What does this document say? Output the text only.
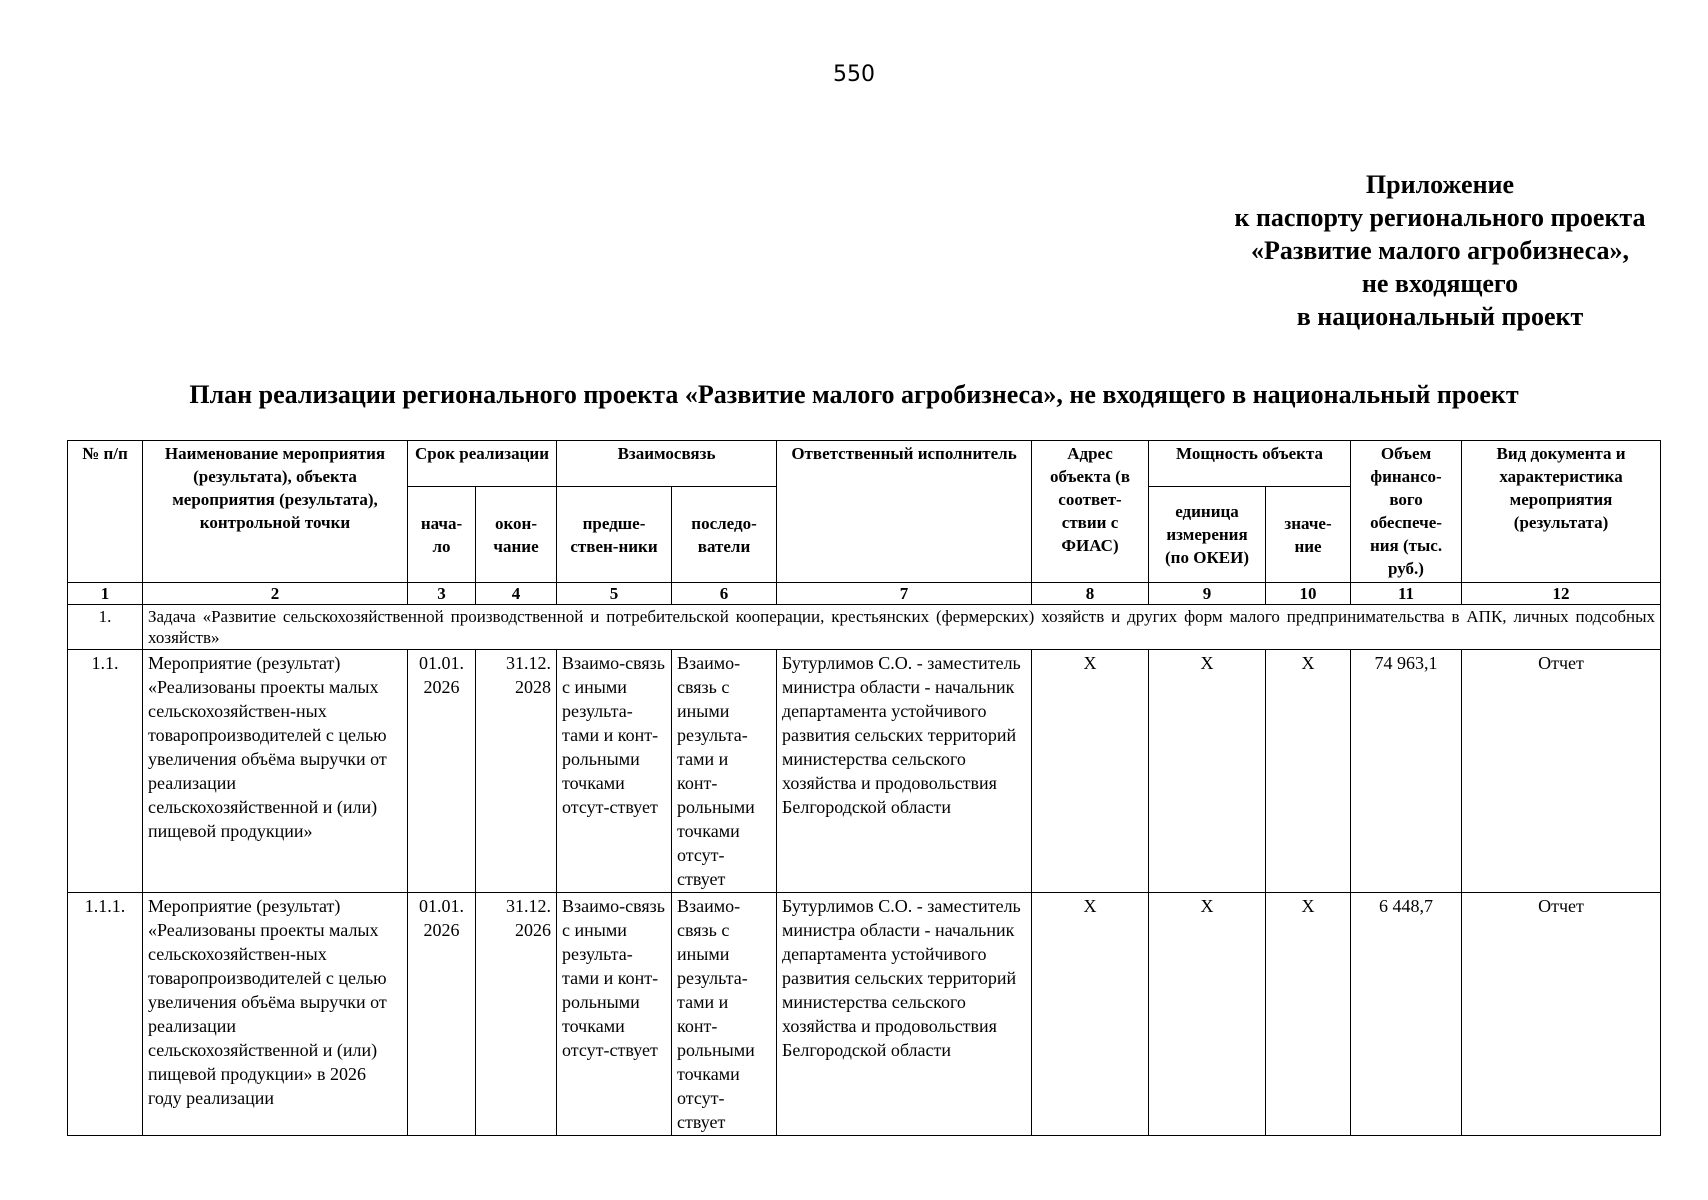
550
Приложение
к паспорту регионального проекта
«Развитие малого агробизнеса»,
не входящего
в национальный проект
План реализации регионального проекта «Развитие малого агробизнеса», не входящего в национальный проект
№ п/п	Наименование мероприятия (результата), объекта мероприятия (результата), контрольной точки	Срок реализации		Взаимосвязь		Ответственный исполнитель	Адрес объекта (в соответ-ствии с ФИАС)	Мощность объекта		Объем финансо-вого обеспече-ния (тыс. руб.)	Вид документа и характеристика мероприятия (результата)
		нача-ло	окон-чание	предше-ствен-ники	последо-ватели			единица измерения (по ОКЕИ)	значе-ние		
1	2	3	4	5	6	7	8	9	10	11	12
1.	Задача «Развитие сельскохозяйственной производственной и потребительской кооперации, крестьянских (фермерских) хозяйств и других форм малого предпринимательства в АПК, личных подсобных хозяйств»										
1.1.	Мероприятие (результат) «Реализованы проекты малых сельскохозяйствен-ных товаропроизводителей с целью увеличения объёма выручки от реализации сельскохозяйственной и (или) пищевой продукции»	01.01. 2026	31.12. 2028	Взаимо-связь с иными результа-тами и конт-рольными точками отсут-ствует	Взаимо-связь с иными результа-тами и конт-рольными точками отсут-ствует	Бутурлимов С.О. - заместитель министра области - начальник департамента устойчивого развития сельских территорий министерства сельского хозяйства и продовольствия Белгородской области	X	X	X	74 963,1	Отчет
1.1.1.	Мероприятие (результат) «Реализованы проекты малых сельскохозяйствен-ных товаропроизводителей с целью увеличения объёма выручки от реализации сельскохозяйственной и (или) пищевой продукции» в 2026 году реализации	01.01. 2026	31.12. 2026	Взаимо-связь с иными результа-тами и конт-рольными точками отсут-ствует	Взаимо-связь с иными результа-тами и конт-рольными точками отсут-ствует	Бутурлимов С.О. - заместитель министра области - начальник департамента устойчивого развития сельских территорий министерства сельского хозяйства и продовольствия Белгородской области	X	X	X	6 448,7	Отчет
